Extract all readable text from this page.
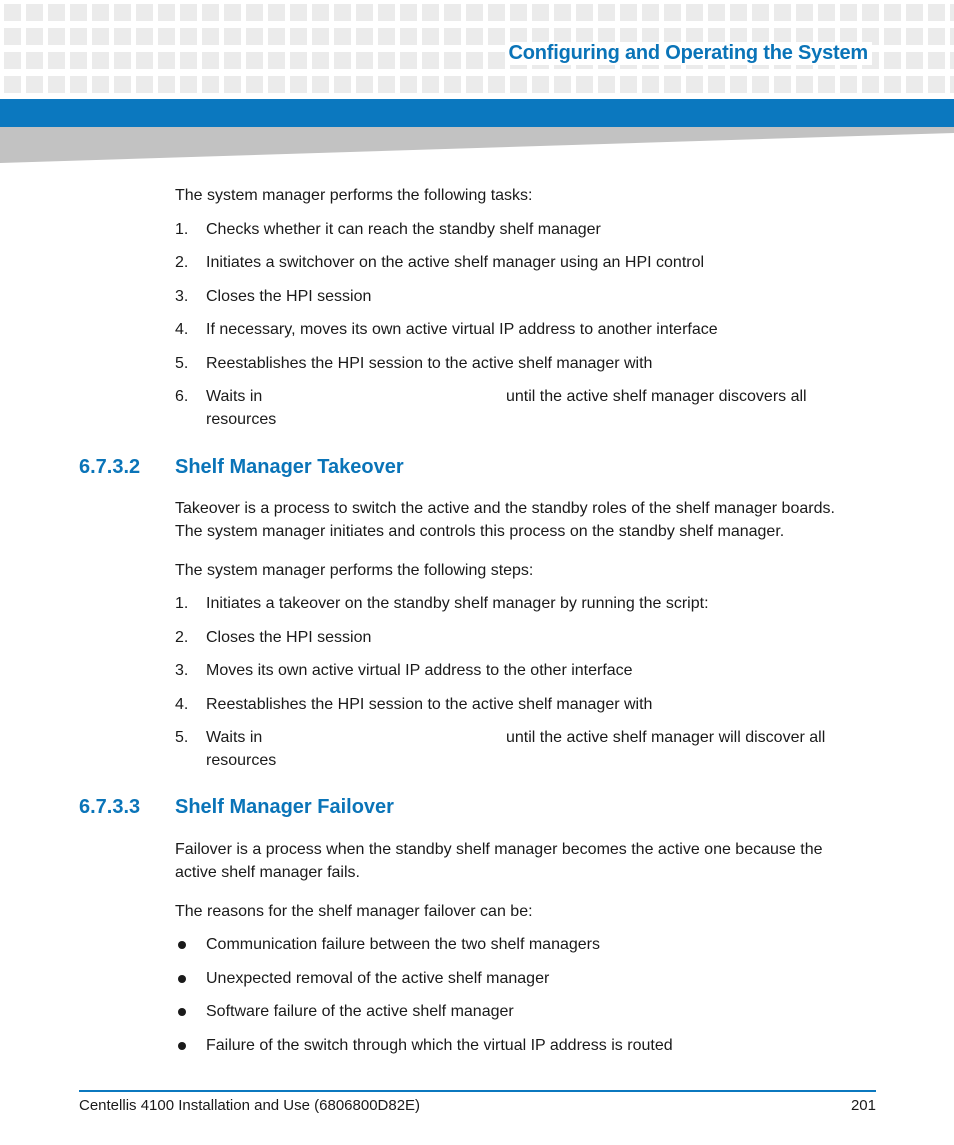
Configuring and Operating the System

The system manager performs the following tasks:

1.	Checks whether it can reach the standby shelf manager
2.	Initiates a switchover on the active shelf manager using an HPI control
3.	Closes the HPI session
4.	If necessary, moves its own active virtual IP address to another interface
5.	Reestablishes the HPI session to the active shelf manager with
6.	Waits in	until the active shelf manager discovers all
resources
6.7.3.2 Shelf Manager Takeover

Takeover is a process to switch the active and the standby roles of the shelf manager boards.

The system manager initiates and controls this process on the standby shelf manager.

The system manager performs the following steps:

1.	Initiates a takeover on the standby shelf manager by running the script:
2.	Closes the HPI session
3.	Moves its own active virtual IP address to the other interface
4.	Reestablishes the HPI session to the active shelf manager with
5.	Waits in	until the active shelf manager will discover all
resources
6.7.3.3 Shelf Manager Failover

Failover is a process when the standby shelf manager becomes the active one because the

active shelf manager fails.

The reasons for the shelf manager failover can be:

Communication failure between the two shelf managers
Unexpected removal of the active shelf manager
Software failure of the active shelf manager
Failure of the switch through which the virtual IP address is routed
Centellis 4100 Installation and Use (6806800D82E)	201
